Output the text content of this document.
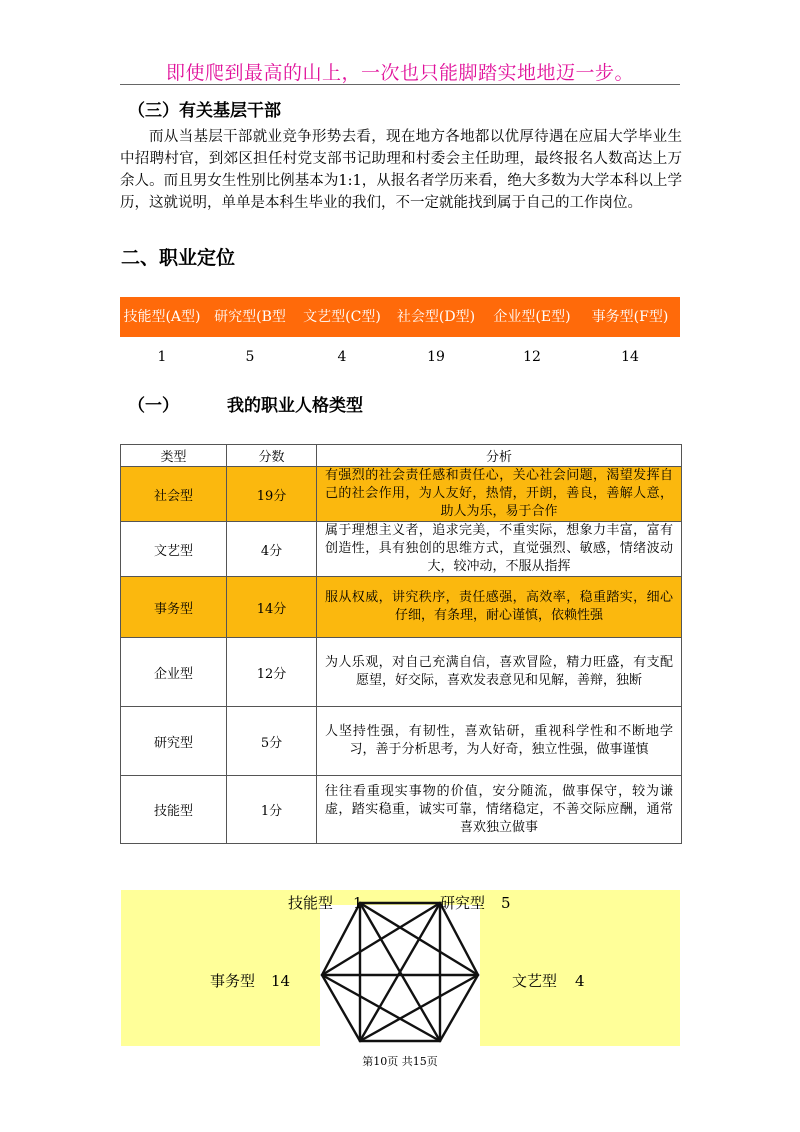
即使爬到最高的山上，一次也只能脚踏实地地迈一步。
（三）有关基层干部
而从当基层干部就业竞争形势去看，现在地方各地都以优厚待遇在应届大学毕业生中招聘村官，到郊区担任村党支部书记助理和村委会主任助理，最终报名人数高达上万余人。而且男女生性别比例基本为1:1，从报名者学历来看，绝大多数为大学本科以上学历，这就说明，单单是本科生毕业的我们，不一定就能找到属于自己的工作岗位。
二、职业定位
技能型(A型)	研究型(B型	文艺型(C型)	社会型(D型)	企业型(E型)	事务型(F型)
1	5	4	19	12	14
（一）	我的职业人格类型
类型	分数	分析
社会型	19分	有强烈的社会责任感和责任心，关心社会问题，渴望发挥自己的社会作用，为人友好，热情，开朗，善良，善解人意，助人为乐，易于合作
文艺型	4分	属于理想主义者，追求完美，不重实际，想象力丰富，富有创造性，具有独创的思维方式，直觉强烈、敏感，情绪波动大，较冲动，不服从指挥
事务型	14分	服从权威，讲究秩序，责任感强，高效率，稳重踏实，细心仔细，有条理，耐心谨慎，依赖性强
企业型	12分	为人乐观，对自己充满自信，喜欢冒险，精力旺盛，有支配愿望，好交际，喜欢发表意见和见解，善辩，独断
研究型	5分	人坚持性强，有韧性，喜欢钻研，重视科学性和不断地学习，善于分析思考，为人好奇，独立性强，做事谨慎
技能型	1分	往往看重现实事物的价值，安分随流，做事保守，较为谦虚，踏实稳重，诚实可靠，情绪稳定，不善交际应酬，通常喜欢独立做事
技能型 1	研究型 5
事务型 14	文艺型 4
第10页 共15页
